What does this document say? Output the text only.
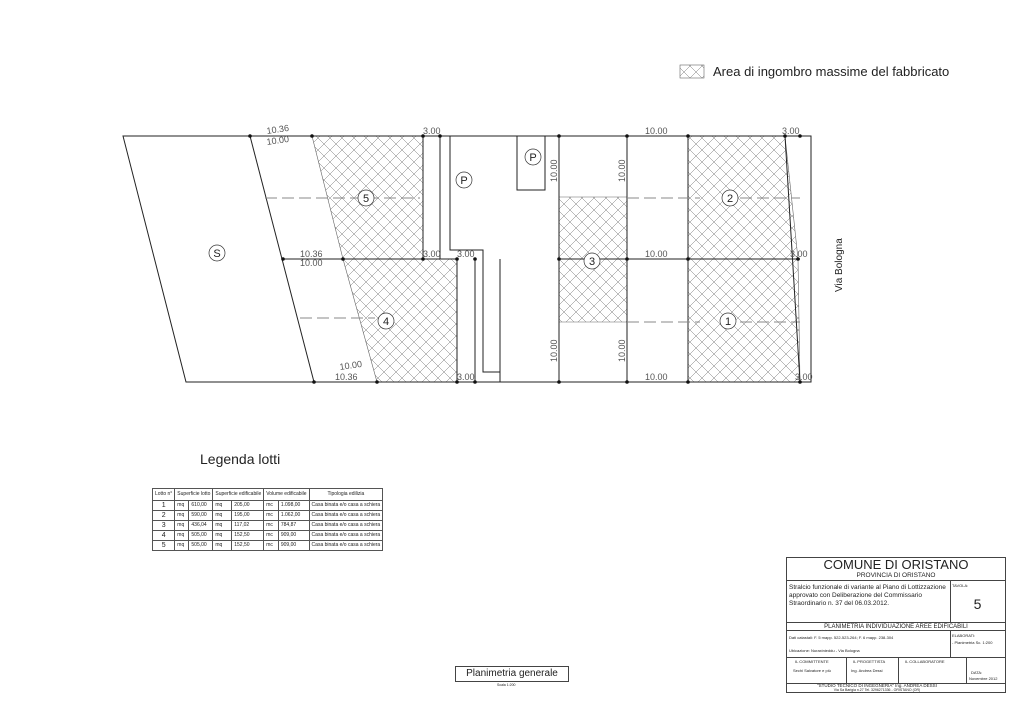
Area di ingombro massime del fabbricato
10.36
10.00
3.00	10.00	3.00
10.36
10.00
3.00 3.00	10.00	3.00
10.00
10.36	3.00	10.00	3.00
10.00	10.00
10.00	10.00
S
5
4
3
2
1
P
P
Via Bologna
Legenda lotti
Lotto n°	Superficie lotto		Superficie edificabile		Volume edificabile		Tipologia edilizia
1	mq	610,00	mq	205,00	mc	1.098,00	Casa binata e/o casa a schiera
2	mq	590,00	mq	195,00	mc	1.062,00	Casa binata e/o casa a schiera
3	mq	436,04	mq	117,02	mc	784,87	Casa binata e/o casa a schiera
4	mq	505,00	mq	152,50	mc	909,00	Casa binata e/o casa a schiera
5	mq	505,00	mq	152,50	mc	909,00	Casa binata e/o casa a schiera
Planimetria generale
Scala 1:200
COMUNE DI ORISTANO
PROVINCIA DI ORISTANO
Stralcio funzionale di variante al Piano di Lottizzazione approvato con Deliberazione del Commissario Straordinario n. 37 del 06.03.2012.
TAVOLA:
5
PLANIMETRIA INDIVIDUAZIONE AREE EDIFICABILI
Dati catastali: F. 5 mapp. 522-523-264; F. 6 mapp. 238-304
Ubicazione: Nuraxinieddu - Via Bologna
ELABORATI:
- Planimetria Sc. 1:200
IL COMMITTENTE
Sechi Salvatore e più
IL PROGETTISTA
Ing. Andrea Dessi
IL COLLABORATORE
DATA:
Novembre 2012
"STUDIO TECNICO DI INGEGNERIA" Ing. ANDREA DESSI
Via Sa Barigia n.27 Tel. 3296271336 - ORISTANO (OR)
